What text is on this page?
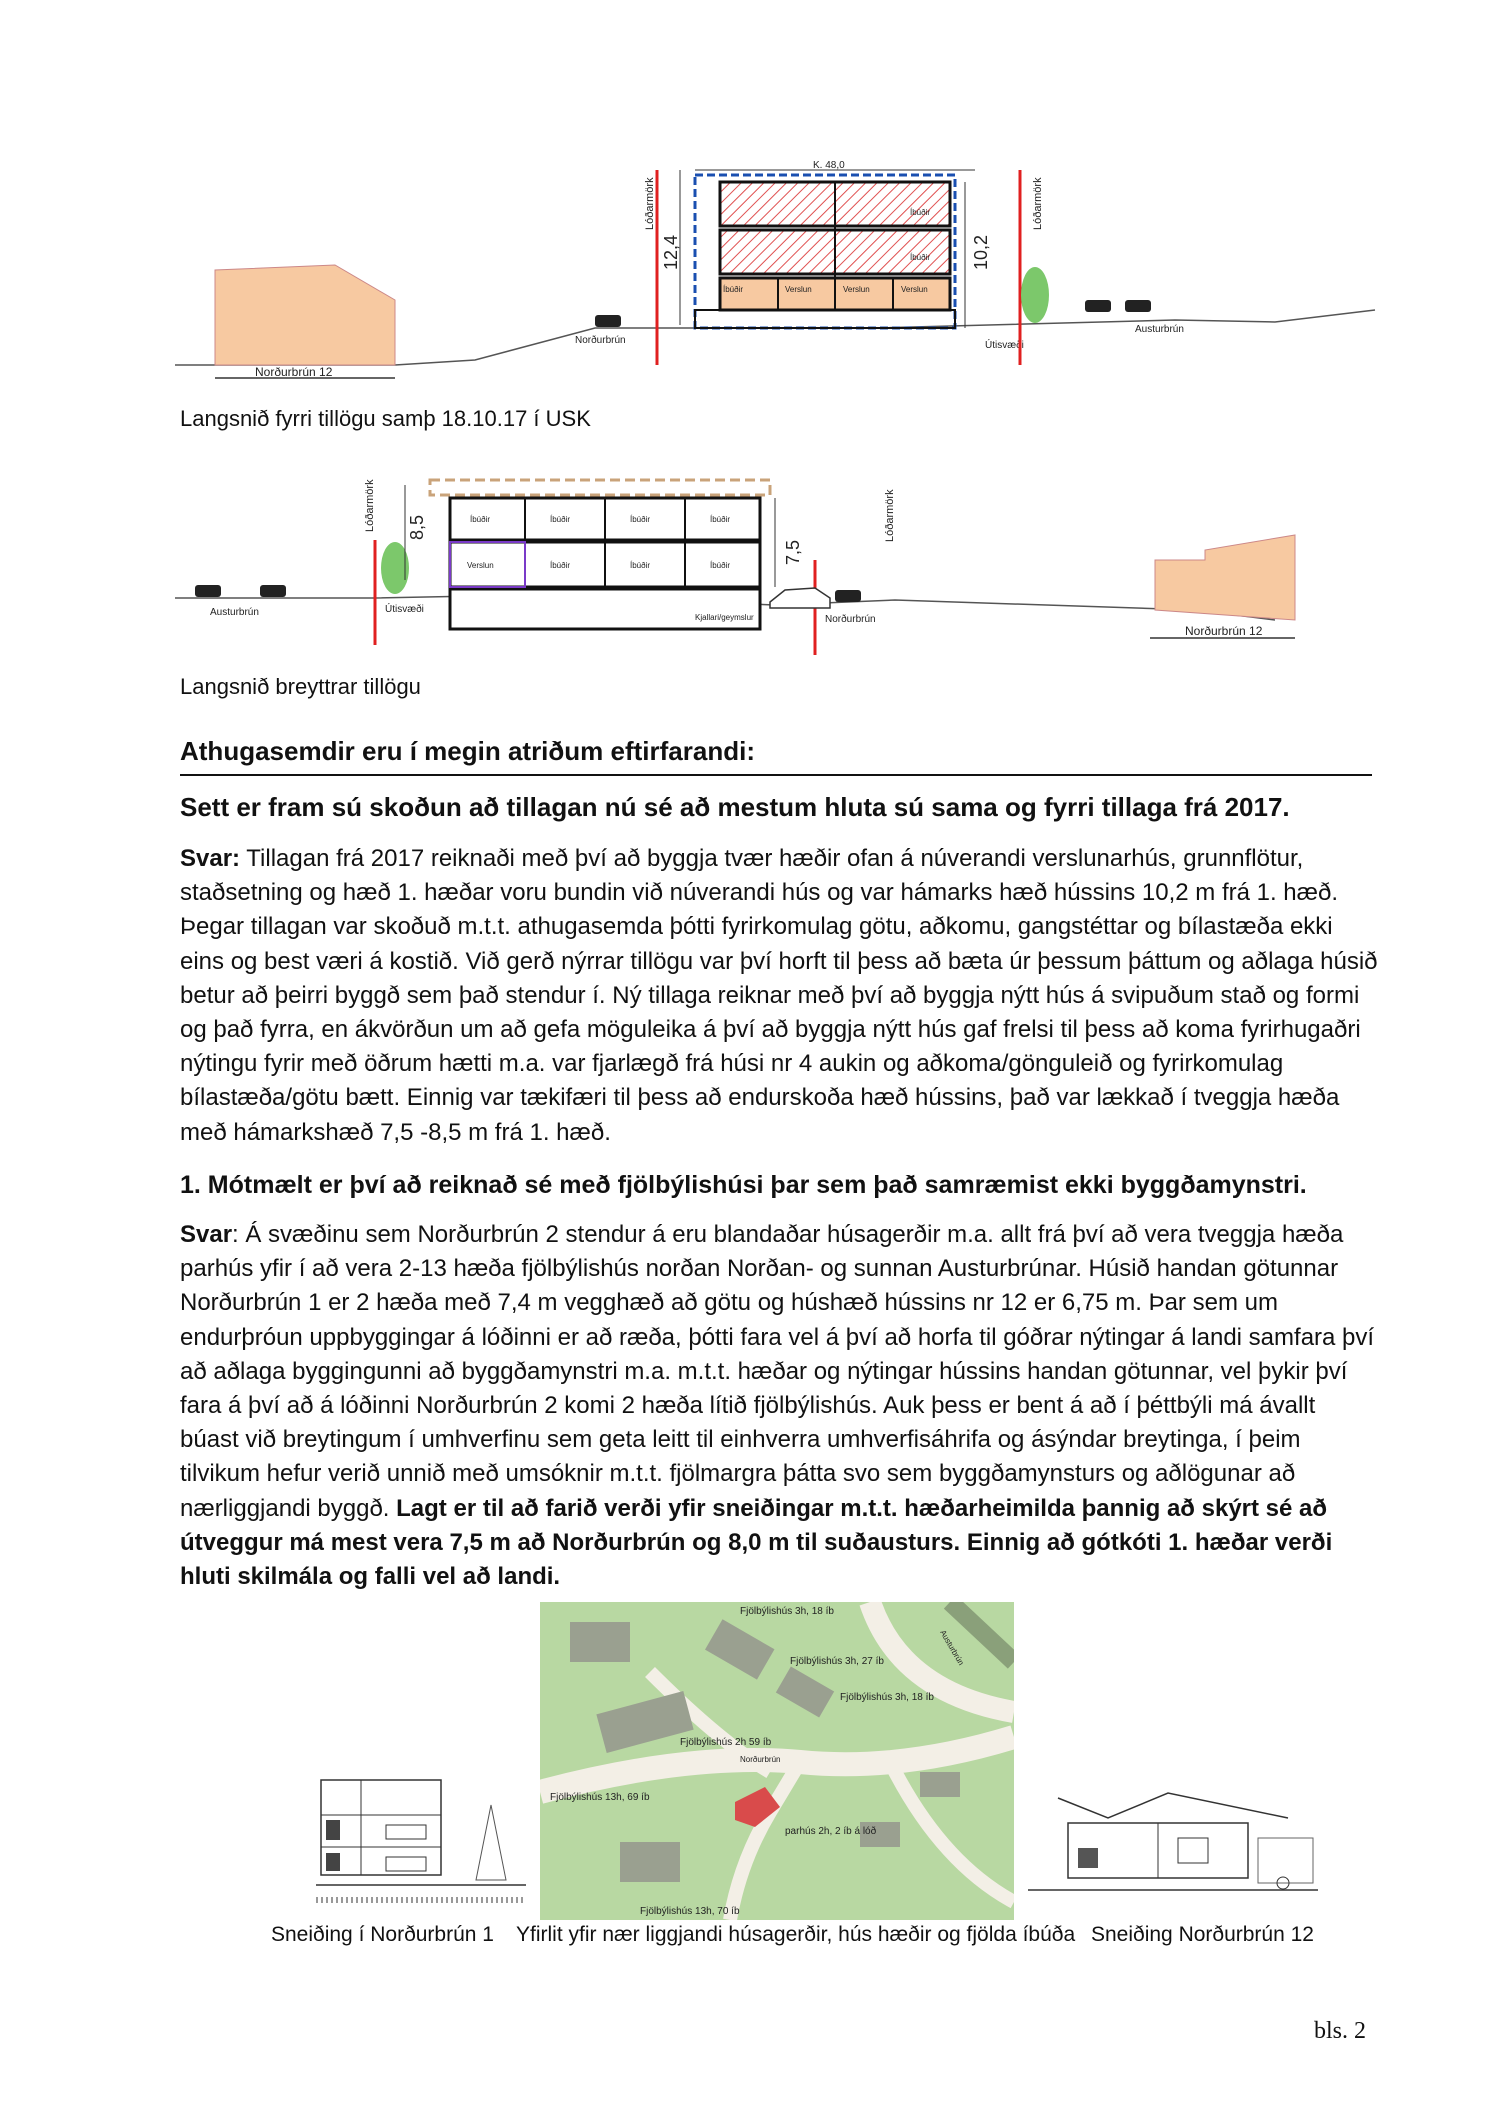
Norðurbrún 12
Norðurbrún
Lóðarmörk
12,4
K. 48,0
Íbúðir
Íbúðir
Íbúðir	Verslun	Verslun	Verslun
10,2
Útisvæði
Lóðarmörk
Austurbrún
Langsnið fyrri tillögu samþ 18.10.17 í USK
Austurbrún	Útisvæði
Lóðarmörk 8,5	Íbúðir	Íbúðir	Íbúðir	Íbúðir
Verslun	Íbúðir	Íbúðir	Íbúðir
Kjallari/geymslur
7,5
Lóðarmörk
Norðurbrún
Norðurbrún 12
Langsnið breyttrar tillögu
Athugasemdir eru í megin atriðum eftirfarandi:
Sett er fram sú skoðun að tillagan nú sé að mestum hluta sú sama og fyrri tillaga frá 2017.
Svar: Tillagan frá 2017 reiknaði með því að byggja tvær hæðir ofan á núverandi verslunarhús, grunnflötur, staðsetning og hæð 1. hæðar voru bundin við núverandi hús og var hámarks hæð hússins 10,2 m frá 1. hæð. Þegar tillagan var skoðuð m.t.t. athugasemda þótti fyrirkomulag götu, aðkomu, gangstéttar og bílastæða ekki eins og best væri á kostið. Við gerð nýrrar tillögu var því horft til þess að bæta úr þessum þáttum og aðlaga húsið betur að þeirri byggð sem það stendur í. Ný tillaga reiknar með því að byggja nýtt hús á svipuðum stað og formi og það fyrra, en ákvörðun um að gefa möguleika á því að byggja nýtt hús gaf frelsi til þess að koma fyrirhugaðri nýtingu fyrir með öðrum hætti m.a. var fjarlægð frá húsi nr 4 aukin og aðkoma/gönguleið og fyrirkomulag bílastæða/götu bætt. Einnig var tækifæri til þess að endurskoða hæð hússins, það var lækkað í tveggja hæða með hámarkshæð 7,5 -8,5 m frá 1. hæð.
1. Mótmælt er því að reiknað sé með fjölbýlishúsi þar sem það samræmist ekki byggðamynstri.
Svar: Á svæðinu sem Norðurbrún 2 stendur á eru blandaðar húsagerðir m.a. allt frá því að vera tveggja hæða parhús yfir í að vera 2-13 hæða fjölbýlishús norðan Norðan- og sunnan Austurbrúnar. Húsið handan götunnar Norðurbrún 1 er 2 hæða með 7,4 m vegghæð að götu og húshæð hússins nr 12 er 6,75 m. Þar sem um endurþróun uppbyggingar á lóðinni er að ræða, þótti fara vel á því að horfa til góðrar nýtingar á landi samfara því að aðlaga byggingunni að byggðamynstri m.a. m.t.t. hæðar og nýtingar hússins handan götunnar, vel þykir því fara á því að á lóðinni Norðurbrún 2 komi 2 hæða lítið fjölbýlishús. Auk þess er bent á að í þéttbýli má ávallt búast við breytingum í umhverfinu sem geta leitt til einhverra umhverfisáhrifa og ásýndar breytinga, í þeim tilvikum hefur verið unnið með umsóknir m.t.t. fjölmargra þátta svo sem byggðamynsturs og aðlögunar að nærliggjandi byggð. Lagt er til að farið verði yfir sneiðingar m.t.t. hæðarheimilda þannig að skýrt sé að útveggur má mest vera 7,5 m að Norðurbrún og 8,0 m til suðausturs. Einnig að gótkóti 1. hæðar verði hluti skilmála og falli vel að landi.
Fjölbýlishús 3h, 18 íb
Fjölbýlishús 3h, 27 íb
Fjölbýlishús 3h, 18 íb
Fjölbýlishús 2h 59 íb
Fjölbýlishús 13h, 69 íb
parhús 2h, 2 íb á lóð
Fjölbýlishús 13h, 70 íb
Norðurbrún
Austurbrún
Sneiðing í Norðurbrún 1 Yfirlit yfir nær liggjandi húsagerðir, hús hæðir og fjölda íbúða Sneiðing Norðurbrún 12
bls. 2
